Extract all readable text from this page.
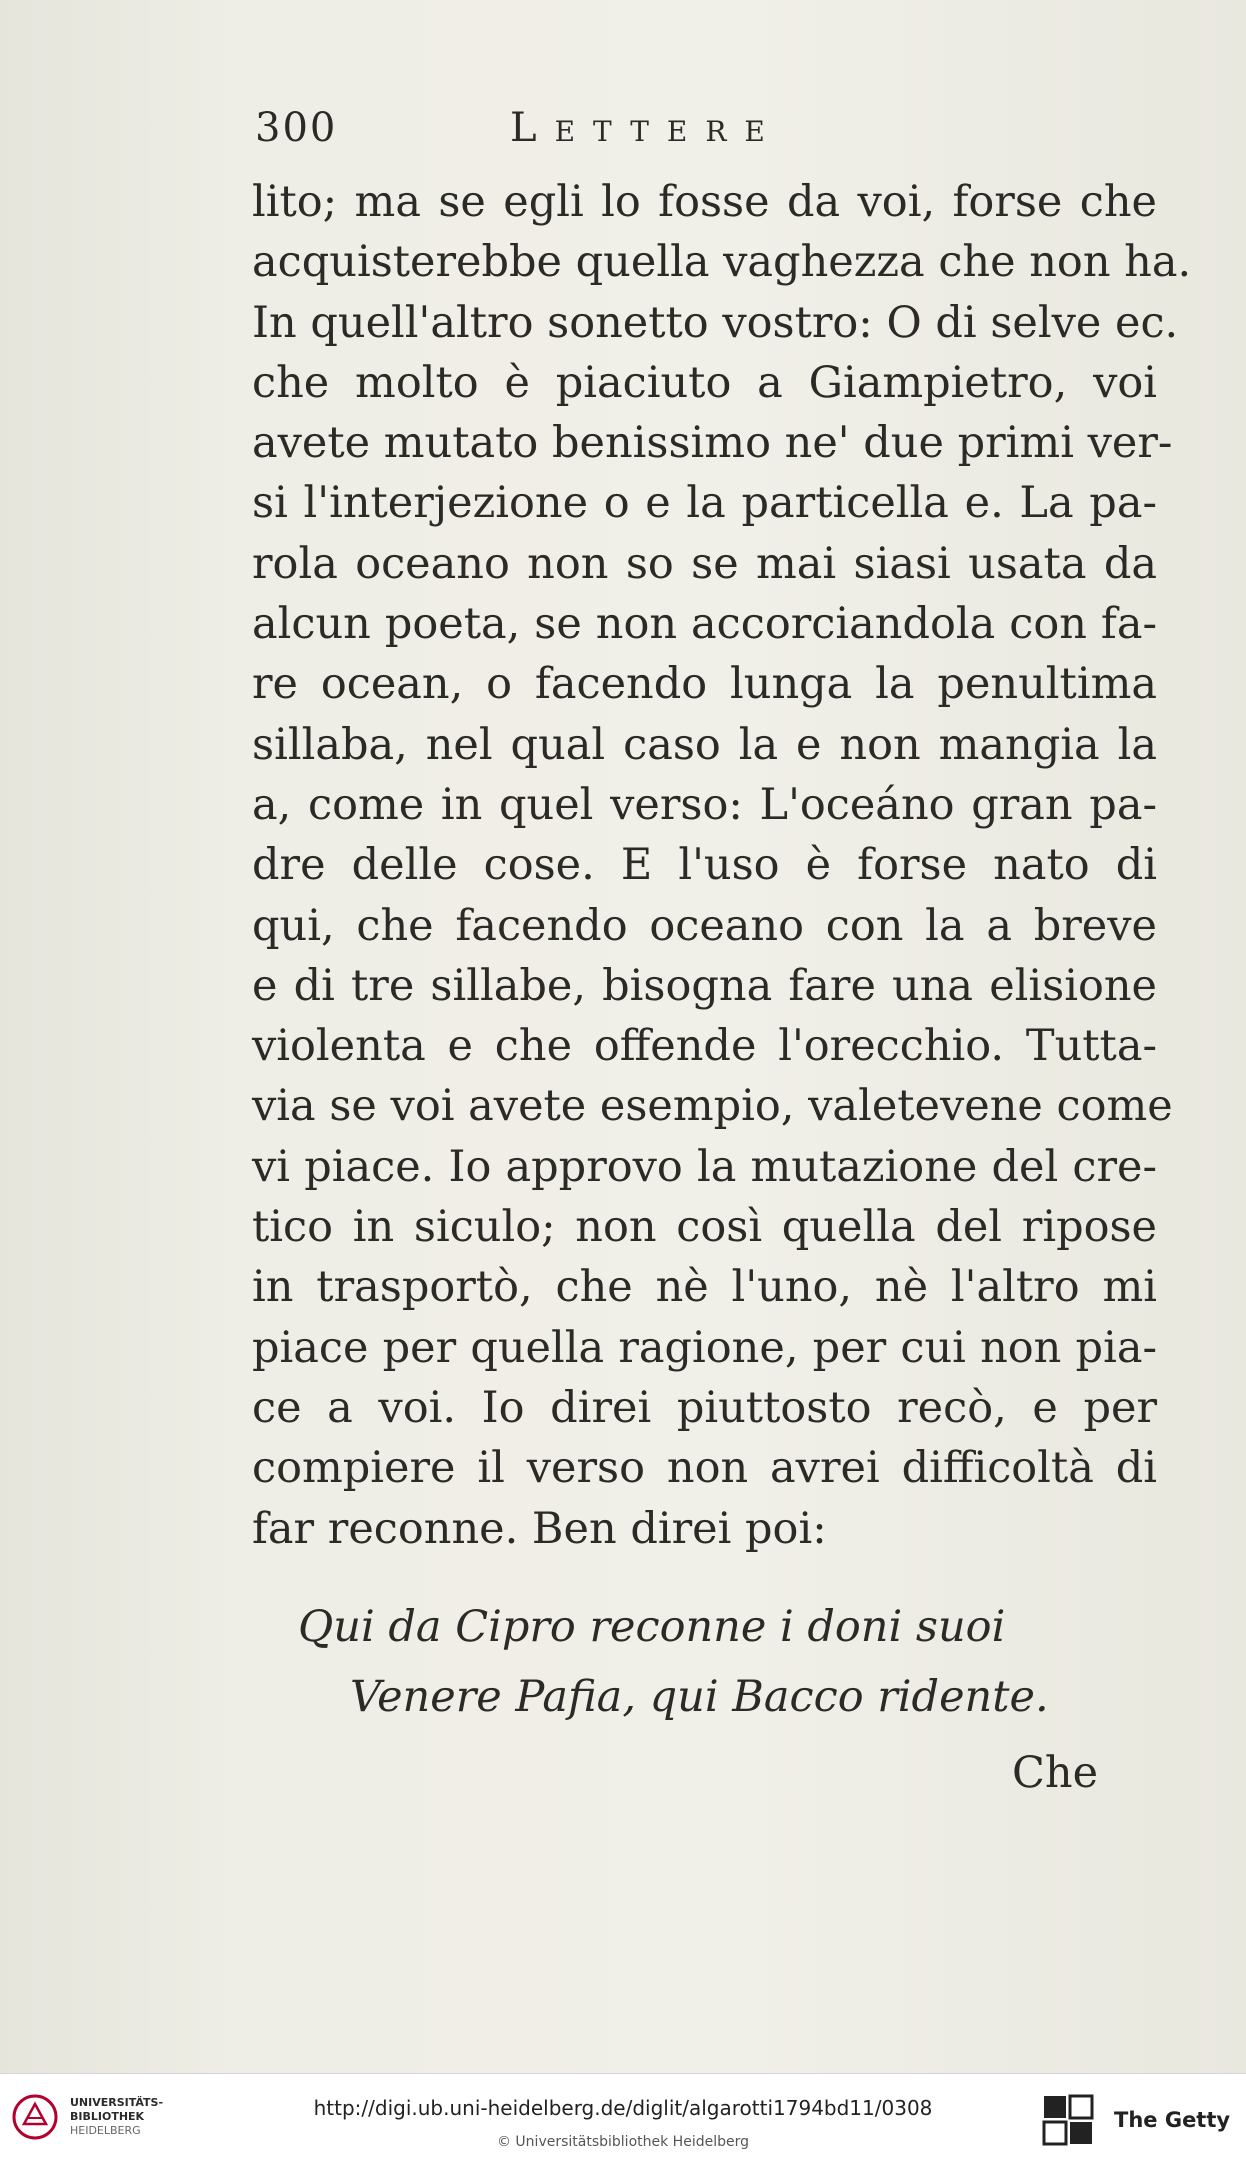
300	Lettere
lito; ma se egli lo fosse da voi, forse che
acquisterebbe quella vaghezza che non ha.
In quell'altro sonetto vostro: O di selve ec.
che molto è piaciuto a Giampietro, voi
avete mutato benissimo ne' due primi ver-
si l'interjezione o e la particella e. La pa-
rola oceano non so se mai siasi usata da
alcun poeta, se non accorciandola con fa-
re ocean, o facendo lunga la penultima
sillaba, nel qual caso la e non mangia la
a, come in quel verso: L'oceáno gran pa-
dre delle cose. E l'uso è forse nato di
qui, che facendo oceano con la a breve
e di tre sillabe, bisogna fare una elisione
violenta e che offende l'orecchio. Tutta-
via se voi avete esempio, valetevene come
vi piace. Io approvo la mutazione del cre-
tico in siculo; non così quella del ripose
in trasportò, che nè l'uno, nè l'altro mi
piace per quella ragione, per cui non pia-
ce a voi. Io direi piuttosto recò, e per
compiere il verso non avrei difficoltà di
far reconne. Ben direi poi:
Qui da Cipro reconne i doni suoi
Venere Pafia, qui Bacco ridente.
Che
UNIVERSITÄTS-
BIBLIOTHEK
HEIDELBERG
http://digi.ub.uni-heidelberg.de/diglit/algarotti1794bd11/0308
© Universitätsbibliothek Heidelberg
The Getty
